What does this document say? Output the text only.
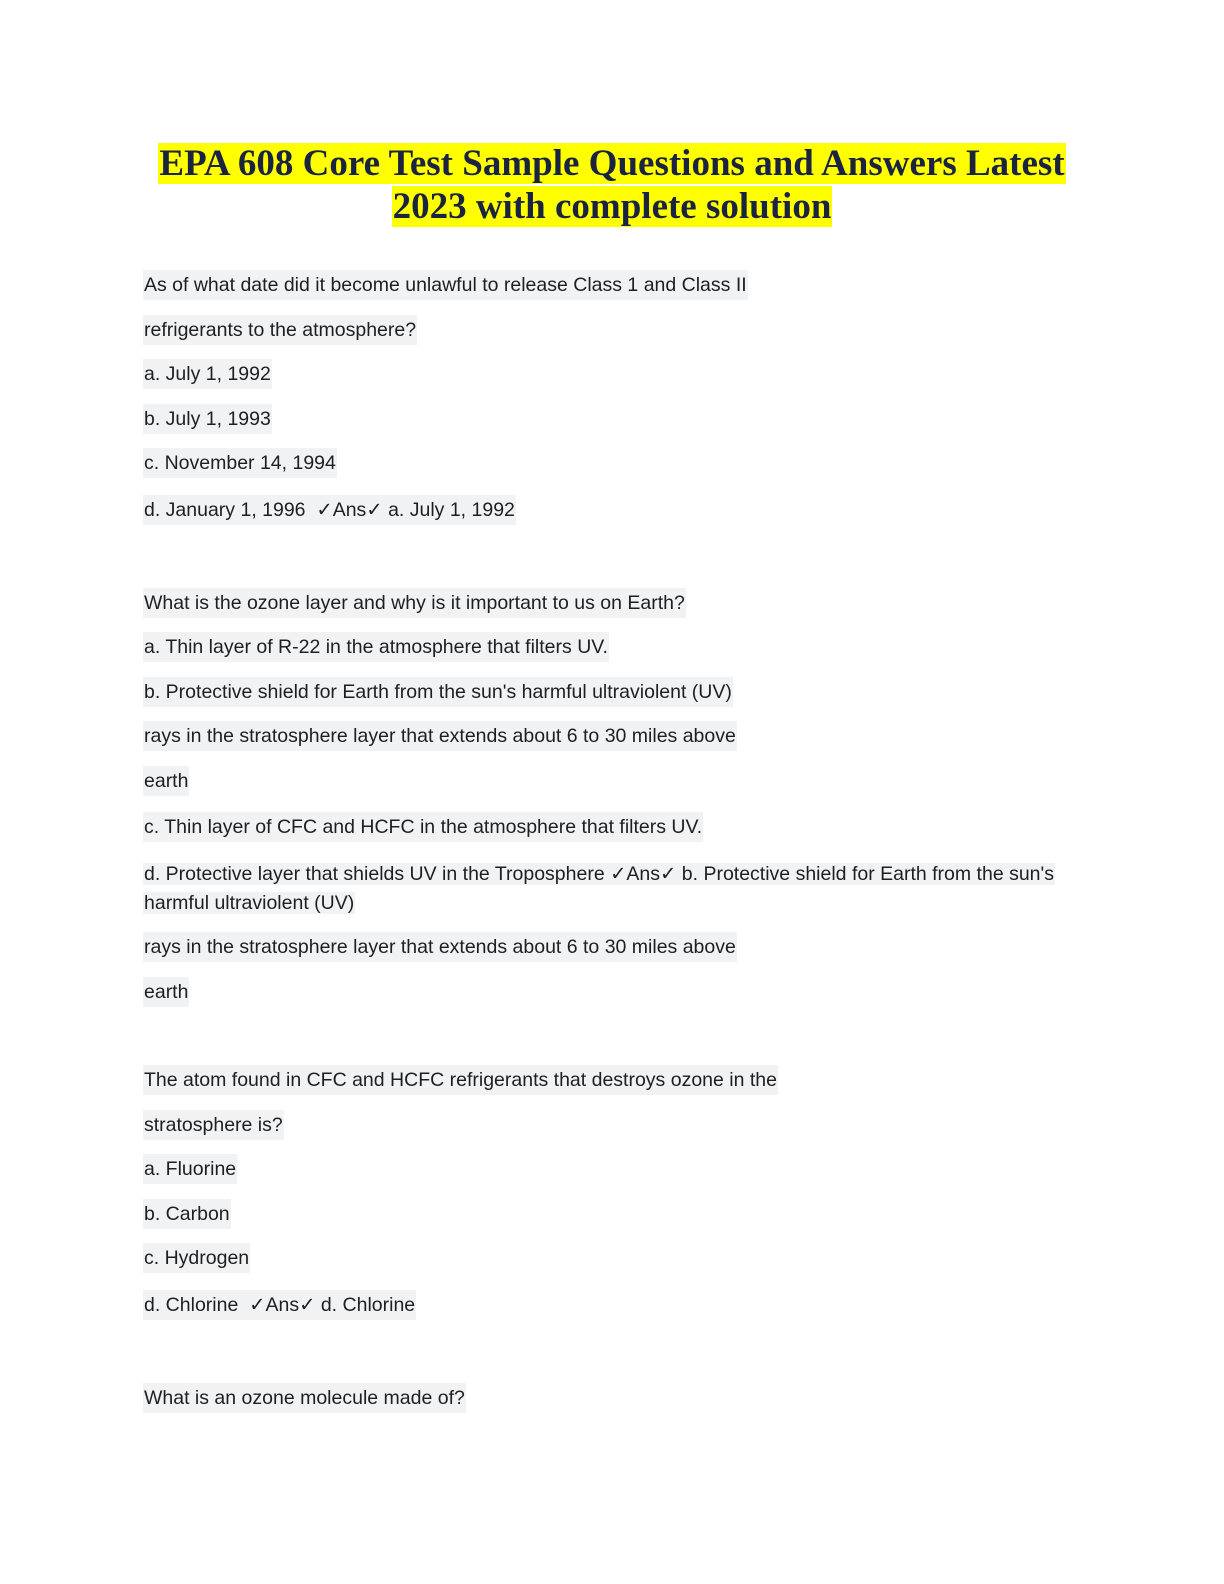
EPA 608 Core Test Sample Questions and Answers Latest
2023 with complete solution
As of what date did it become unlawful to release Class 1 and Class II
refrigerants to the atmosphere?
a. July 1, 1992
b. July 1, 1993
c. November 14, 1994
d. January 1, 1996  ✓Ans✓ a. July 1, 1992
What is the ozone layer and why is it important to us on Earth?
a. Thin layer of R-22 in the atmosphere that filters UV.
b. Protective shield for Earth from the sun's harmful ultraviolent (UV)
rays in the stratosphere layer that extends about 6 to 30 miles above
earth
c. Thin layer of CFC and HCFC in the atmosphere that filters UV.
d. Protective layer that shields UV in the Troposphere ✓Ans✓ b. Protective shield for Earth from the sun's harmful ultraviolent (UV)
rays in the stratosphere layer that extends about 6 to 30 miles above
earth
The atom found in CFC and HCFC refrigerants that destroys ozone in the
stratosphere is?
a. Fluorine
b. Carbon
c. Hydrogen
d. Chlorine  ✓Ans✓ d. Chlorine
What is an ozone molecule made of?
